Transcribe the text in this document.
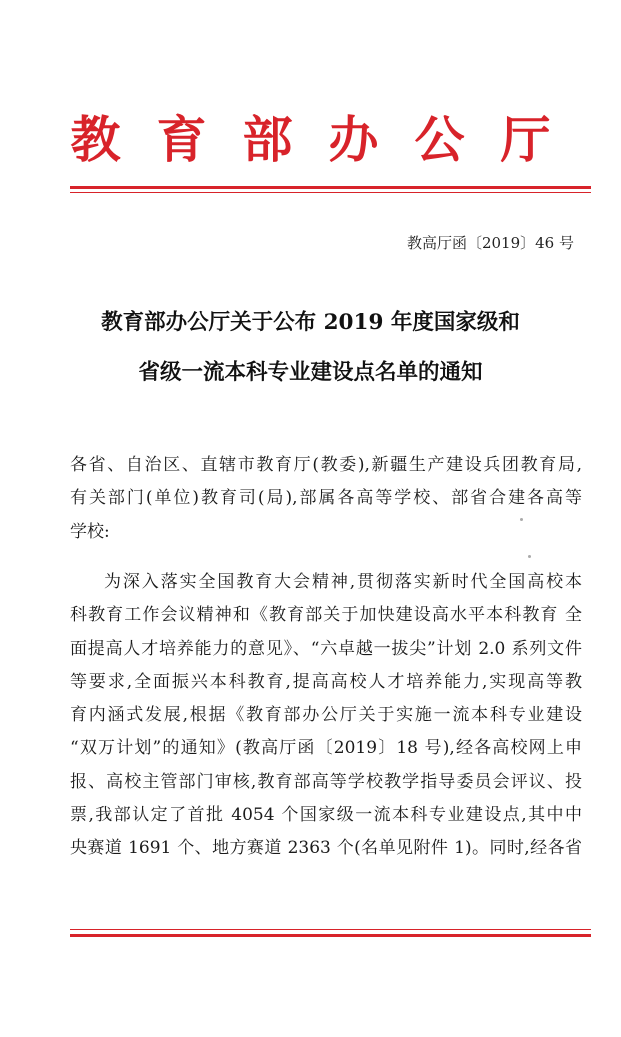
教育部办公厅
教高厅函〔2019〕46 号
教育部办公厅关于公布 2019 年度国家级和
省级一流本科专业建设点名单的通知
各省、自治区、直辖市教育厅(教委),新疆生产建设兵团教育局,
有关部门(单位)教育司(局),部属各高等学校、部省合建各高等
学校:
为深入落实全国教育大会精神,贯彻落实新时代全国高校本
科教育工作会议精神和《教育部关于加快建设高水平本科教育 全
面提高人才培养能力的意见》、“六卓越一拔尖”计划 2.0 系列文件
等要求,全面振兴本科教育,提高高校人才培养能力,实现高等教
育内涵式发展,根据《教育部办公厅关于实施一流本科专业建设
“双万计划”的通知》(教高厅函〔2019〕18 号),经各高校网上申
报、高校主管部门审核,教育部高等学校教学指导委员会评议、投
票,我部认定了首批 4054 个国家级一流本科专业建设点,其中中
央赛道 1691 个、地方赛道 2363 个(名单见附件 1)。同时,经各省
